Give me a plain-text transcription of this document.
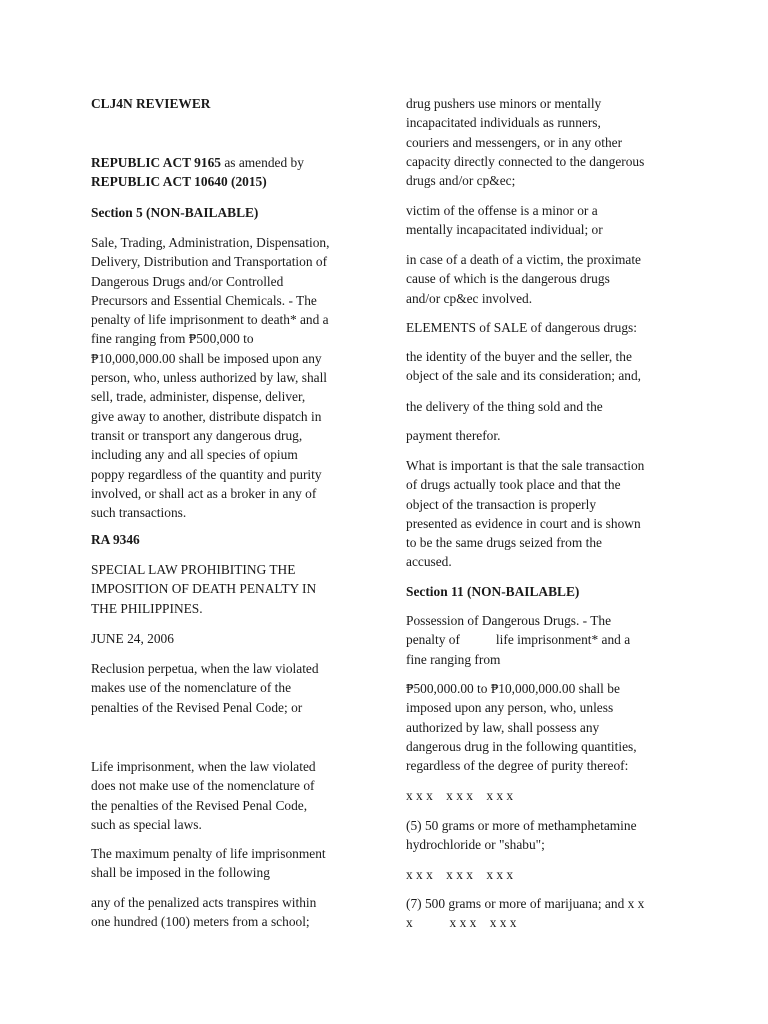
CLJ4N REVIEWER

REPUBLIC ACT 9165 as amended by
REPUBLIC ACT 10640 (2015)

Section 5 (NON-BAILABLE)

Sale, Trading, Administration, Dispensation,
Delivery, Distribution and Transportation of
Dangerous Drugs and/or Controlled
Precursors and Essential Chemicals. - The
penalty of life imprisonment to death* and a
fine ranging from ₱500,000 to
₱10,000,000.00 shall be imposed upon any
person, who, unless authorized by law, shall
sell, trade, administer, dispense, deliver,
give away to another, distribute dispatch in
transit or transport any dangerous drug,
including any and all species of opium
poppy regardless of the quantity and purity
involved, or shall act as a broker in any of
such transactions.

RA 9346

SPECIAL LAW PROHIBITING THE
IMPOSITION OF DEATH PENALTY IN
THE PHILIPPINES.

JUNE 24, 2006

Reclusion perpetua, when the law violated
makes use of the nomenclature of the
penalties of the Revised Penal Code; or

Life imprisonment, when the law violated
does not make use of the nomenclature of
the penalties of the Revised Penal Code,
such as special laws.

The maximum penalty of life imprisonment
shall be imposed in the following

any of the penalized acts transpires within
one hundred (100) meters from a school;

drug pushers use minors or mentally
incapacitated individuals as runners,
couriers and messengers, or in any other
capacity directly connected to the dangerous
drugs and/or cp&ec;

victim of the offense is a minor or a
mentally incapacitated individual; or

in case of a death of a victim, the proximate
cause of which is the dangerous drugs
and/or cp&ec involved.

ELEMENTS of SALE of dangerous drugs:

the identity of the buyer and the seller, the
object of the sale and its consideration; and,

the delivery of the thing sold and the

payment therefor.

What is important is that the sale transaction
of drugs actually took place and that the
object of the transaction is properly
presented as evidence in court and is shown
to be the same drugs seized from the
accused.

Section 11 (NON-BAILABLE)

Possession of Dangerous Drugs. - The
penalty of	life imprisonment* and a
fine ranging from

₱500,000.00 to ₱10,000,000.00 shall be
imposed upon any person, who, unless
authorized by law, shall possess any
dangerous drug in the following quantities,
regardless of the degree of purity thereof:

x x x    x x x    x x x

(5) 50 grams or more of methamphetamine
hydrochloride or "shabu";

x x x    x x x    x x x

(7) 500 grams or more of marijuana; and x x
x           x x x    x x x
